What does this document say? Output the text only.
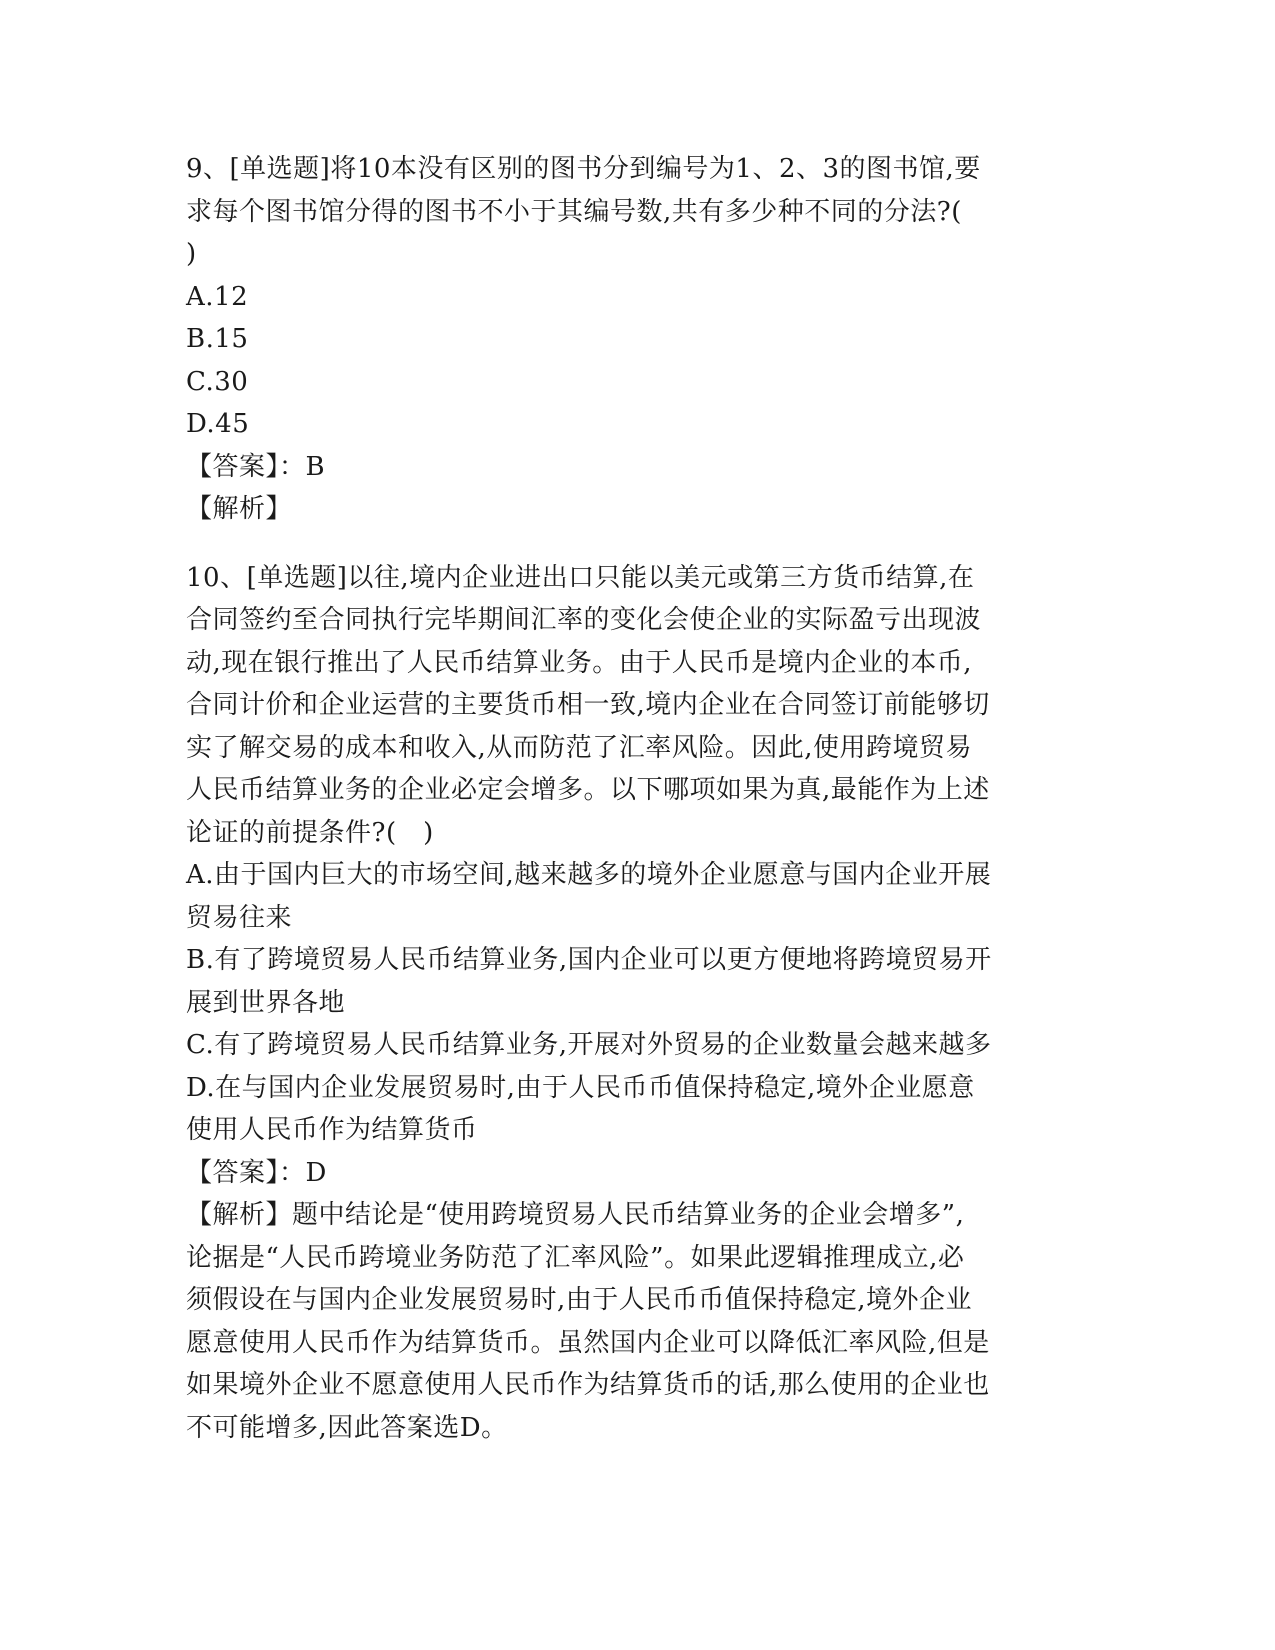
9、[单选题]将10本没有区别的图书分到编号为1、2、3的图书馆,要
求每个图书馆分得的图书不小于其编号数,共有多少种不同的分法?(
)
A.12
B.15
C.30
D.45
【答案】：B
【解析】
10、[单选题]以往,境内企业进出口只能以美元或第三方货币结算,在
合同签约至合同执行完毕期间汇率的变化会使企业的实际盈亏出现波
动,现在银行推出了人民币结算业务。由于人民币是境内企业的本币,
合同计价和企业运营的主要货币相一致,境内企业在合同签订前能够切
实了解交易的成本和收入,从而防范了汇率风险。因此,使用跨境贸易
人民币结算业务的企业必定会增多。以下哪项如果为真,最能作为上述
论证的前提条件?(　)
A.由于国内巨大的市场空间,越来越多的境外企业愿意与国内企业开展
贸易往来
B.有了跨境贸易人民币结算业务,国内企业可以更方便地将跨境贸易开
展到世界各地
C.有了跨境贸易人民币结算业务,开展对外贸易的企业数量会越来越多
D.在与国内企业发展贸易时,由于人民币币值保持稳定,境外企业愿意
使用人民币作为结算货币
【答案】：D
【解析】题中结论是“使用跨境贸易人民币结算业务的企业会增多”,
论据是“人民币跨境业务防范了汇率风险”。如果此逻辑推理成立,必
须假设在与国内企业发展贸易时,由于人民币币值保持稳定,境外企业
愿意使用人民币作为结算货币。虽然国内企业可以降低汇率风险,但是
如果境外企业不愿意使用人民币作为结算货币的话,那么使用的企业也
不可能增多,因此答案选D。
